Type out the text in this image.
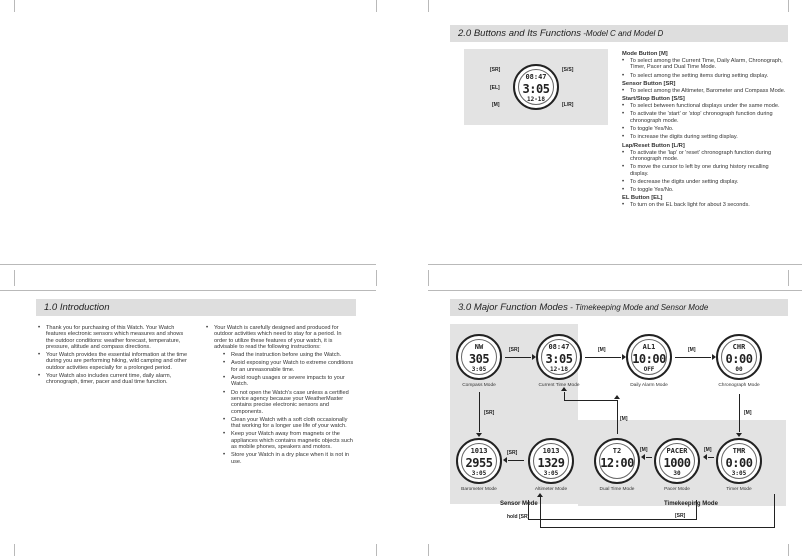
2.0 Buttons and Its Functions -Model C and Model D
08:47
3:05
12-18
[SR]	[S/S]
[EL]
[M]	[L/R]
Mode Button [M]
• To select among the Current Time, Daily Alarm, Chronograph, Timer, Pacer and Dual Time Mode.
• To select among the setting items during setting display.
Sensor Button [SR]
• To select among the Altimeter, Barometer and Compass Mode.
Start/Stop Button [S/S]
• To select between functional displays under the same mode.
• To activate the 'start' or 'stop' chronograph function during chronograph mode.
• To toggle Yes/No.
• To increase the digits during setting display.
Lap/Reset Button [L/R]
• To activate the 'lap' or 'reset' chronograph function during chronograph mode.
• To move the cursor to left by one during history recalling display.
• To decrease the digits under setting display.
• To toggle Yes/No.
EL Button [EL]
• To turn on the EL back light for about 3 seconds.
1.0 Introduction
• Thank you for purchasing of this Watch. Your Watch features electronic sensors which measures and shows the outdoor conditions: weather forecast, temperature, pressure, altitude and compass directions.
• Your Watch provides the essential information at the time during you are performing hiking, wild camping and other outdoor activities especially for a prolonged period.
• Your Watch also includes current time, daily alarm, chronograph, timer, pacer and dual time function.
• Your Watch is carefully designed and produced for outdoor activities which need to stay for a period. In order to utilize these features of your watch, it is advisable to read the following instructions:
• Read the instruction before using the Watch.
• Avoid exposing your Watch to extreme conditions for an unreasonable time.
• Avoid rough usages or severe impacts to your Watch.
• Do not open the Watch's case unless a certified service agency because your WeatherMaster contains precise electronic sensors and components.
• Clean your Watch with a soft cloth occasionally that working for a longer use life of your watch.
• Keep your Watch away from magnets or the appliances which contains magnetic objects such as mobile phones, speakers and motors.
• Store your Watch in a dry place when it is not in use.
3.0 Major Function Modes - Timekeeping Mode and Sensor Mode
NW
305
3:05
Compass Mode
08:47
3:05
12-18
Current Time Mode
AL1
10:00
OFF
Daily Alarm Mode
CHR
0:00
00
Chronograph Mode
1013
2955
3:05
Barometer Mode
1013
1329
3:05
Altimeter Mode
T2
12:00
Dual Time Mode
PACER
1000
30
Pacer Mode
TMR
0:00
3:05
Timer Mode
[SR]	[M]	[M]
[M]
[M]
[M]
[M]
[SR]
[SR]
hold [SR]	[SR]
Sensor Mode	Timekeeping Mode
